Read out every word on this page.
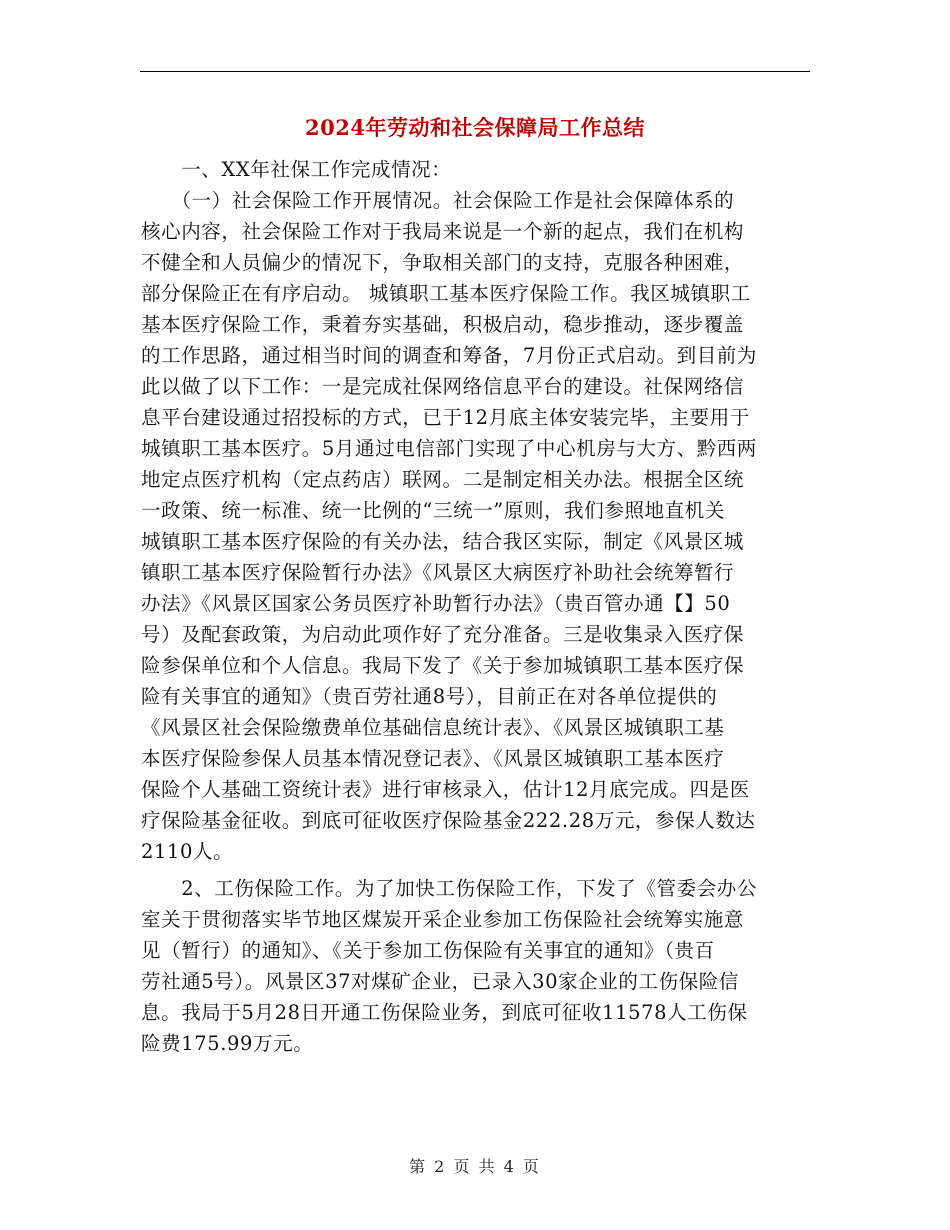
2024年劳动和社会保障局工作总结
　　一、XX年社保工作完成情况：
　　（一）社会保险工作开展情况。社会保险工作是社会保障体系的
核心内容，社会保险工作对于我局来说是一个新的起点，我们在机构
不健全和人员偏少的情况下，争取相关部门的支持，克服各种困难，
部分保险正在有序启动。 城镇职工基本医疗保险工作。我区城镇职工
基本医疗保险工作，秉着夯实基础，积极启动，稳步推动，逐步覆盖
的工作思路，通过相当时间的调查和筹备，7月份正式启动。到目前为
此以做了以下工作：一是完成社保网络信息平台的建设。社保网络信
息平台建设通过招投标的方式，已于12月底主体安装完毕，主要用于
城镇职工基本医疗。5月通过电信部门实现了中心机房与大方、黔西两
地定点医疗机构（定点药店）联网。二是制定相关办法。根据全区统
一政策、统一标准、统一比例的“三统一”原则，我们参照地直机关
城镇职工基本医疗保险的有关办法，结合我区实际，制定《风景区城
镇职工基本医疗保险暂行办法》《风景区大病医疗补助社会统筹暂行
办法》《风景区国家公务员医疗补助暂行办法》（贵百管办通【】50
号）及配套政策，为启动此项作好了充分准备。三是收集录入医疗保
险参保单位和个人信息。我局下发了《关于参加城镇职工基本医疗保
险有关事宜的通知》（贵百劳社通8号），目前正在对各单位提供的
《风景区社会保险缴费单位基础信息统计表》、《风景区城镇职工基
本医疗保险参保人员基本情况登记表》、《风景区城镇职工基本医疗
保险个人基础工资统计表》进行审核录入，估计12月底完成。四是医
疗保险基金征收。到底可征收医疗保险基金222.28万元，参保人数达
2110人。
　　2、工伤保险工作。为了加快工伤保险工作，下发了《管委会办公
室关于贯彻落实毕节地区煤炭开采企业参加工伤保险社会统筹实施意
见（暂行）的通知》、《关于参加工伤保险有关事宜的通知》（贵百
劳社通5号）。风景区37对煤矿企业，已录入30家企业的工伤保险信
息。我局于5月28日开通工伤保险业务，到底可征收11578人工伤保
险费175.99万元。
第 2 页 共 4 页
